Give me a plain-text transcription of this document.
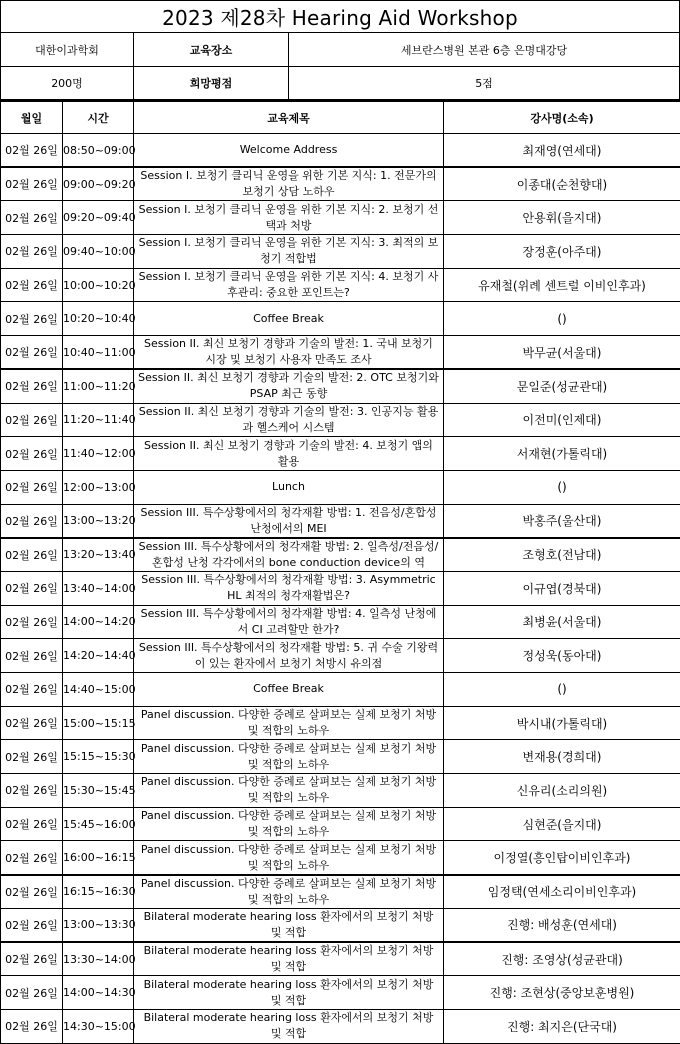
2023 제28차 Hearing Aid Workshop
대한이과학회	교육장소	세브란스병원 본관 6층 은명대강당
200명	희망평점	5점
월일	시간	교육제목	강사명(소속)
02월 26일	08:50~09:00	Welcome Address	최재영(연세대)
02월 26일	09:00~09:20	Session I. 보청기 클리닉 운영을 위한 기본 지식: 1. 전문가의 보청기 상담 노하우	이종대(순천향대)
02월 26일	09:20~09:40	Session I. 보청기 클리닉 운영을 위한 기본 지식: 2. 보청기 선택과 처방	안용휘(을지대)
02월 26일	09:40~10:00	Session I. 보청기 클리닉 운영을 위한 기본 지식: 3. 최적의 보청기 적합법	장정훈(아주대)
02월 26일	10:00~10:20	Session I. 보청기 클리닉 운영을 위한 기본 지식: 4. 보청기 사후관리: 중요한 포인트는?	유재철(위례 센트럴 이비인후과)
02월 26일	10:20~10:40	Coffee Break	()
02월 26일	10:40~11:00	Session II. 최신 보청기 경향과 기술의 발전: 1. 국내 보청기 시장 및 보청기 사용자 만족도 조사	박무균(서울대)
02월 26일	11:00~11:20	Session II. 최신 보청기 경향과 기술의 발전: 2. OTC 보청기와 PSAP 최근 동향	문일준(성균관대)
02월 26일	11:20~11:40	Session II. 최신 보청기 경향과 기술의 발전: 3. 인공지능 활용과 헬스케어 시스템	이전미(인제대)
02월 26일	11:40~12:00	Session II. 최신 보청기 경향과 기술의 발전: 4. 보청기 앱의 활용	서재현(가톨릭대)
02월 26일	12:00~13:00	Lunch	()
02월 26일	13:00~13:20	Session III. 특수상황에서의 청각재활 방법: 1. 전음성/혼합성 난청에서의 MEI	박홍주(울산대)
02월 26일	13:20~13:40	Session III. 특수상황에서의 청각재활 방법: 2. 일측성/전음성/혼합성 난청 각각에서의 bone conduction device의 역	조형호(전남대)
02월 26일	13:40~14:00	Session III. 특수상황에서의 청각재활 방법: 3. Asymmetric HL 최적의 청각재활법은?	이규엽(경북대)
02월 26일	14:00~14:20	Session III. 특수상황에서의 청각재활 방법: 4. 일측성 난청에서 CI 고려할만 한가?	최병윤(서울대)
02월 26일	14:20~14:40	Session III. 특수상황에서의 청각재활 방법: 5. 귀 수술 기왕력이 있는 환자에서 보청기 처방시 유의점	정성욱(동아대)
02월 26일	14:40~15:00	Coffee Break	()
02월 26일	15:00~15:15	Panel discussion. 다양한 증례로 살펴보는 실제 보청기 처방 및 적합의 노하우	박시내(가톨릭대)
02월 26일	15:15~15:30	Panel discussion. 다양한 증례로 살펴보는 실제 보청기 처방 및 적합의 노하우	변재용(경희대)
02월 26일	15:30~15:45	Panel discussion. 다양한 증례로 살펴보는 실제 보청기 처방 및 적합의 노하우	신유리(소리의원)
02월 26일	15:45~16:00	Panel discussion. 다양한 증례로 살펴보는 실제 보청기 처방 및 적합의 노하우	심현준(을지대)
02월 26일	16:00~16:15	Panel discussion. 다양한 증례로 살펴보는 실제 보청기 처방 및 적합의 노하우	이정열(흥인탑이비인후과)
02월 26일	16:15~16:30	Panel discussion. 다양한 증례로 살펴보는 실제 보청기 처방 및 적합의 노하우	임정택(연세소리이비인후과)
02월 26일	13:00~13:30	Bilateral moderate hearing loss 환자에서의 보청기 처방 및 적합	진행: 배성훈(연세대)
02월 26일	13:30~14:00	Bilateral moderate hearing loss 환자에서의 보청기 처방 및 적합	진행: 조영상(성균관대)
02월 26일	14:00~14:30	Bilateral moderate hearing loss 환자에서의 보청기 처방 및 적합	진행: 조현상(중앙보훈병원)
02월 26일	14:30~15:00	Bilateral moderate hearing loss 환자에서의 보청기 처방 및 적합	진행: 최지은(단국대)
